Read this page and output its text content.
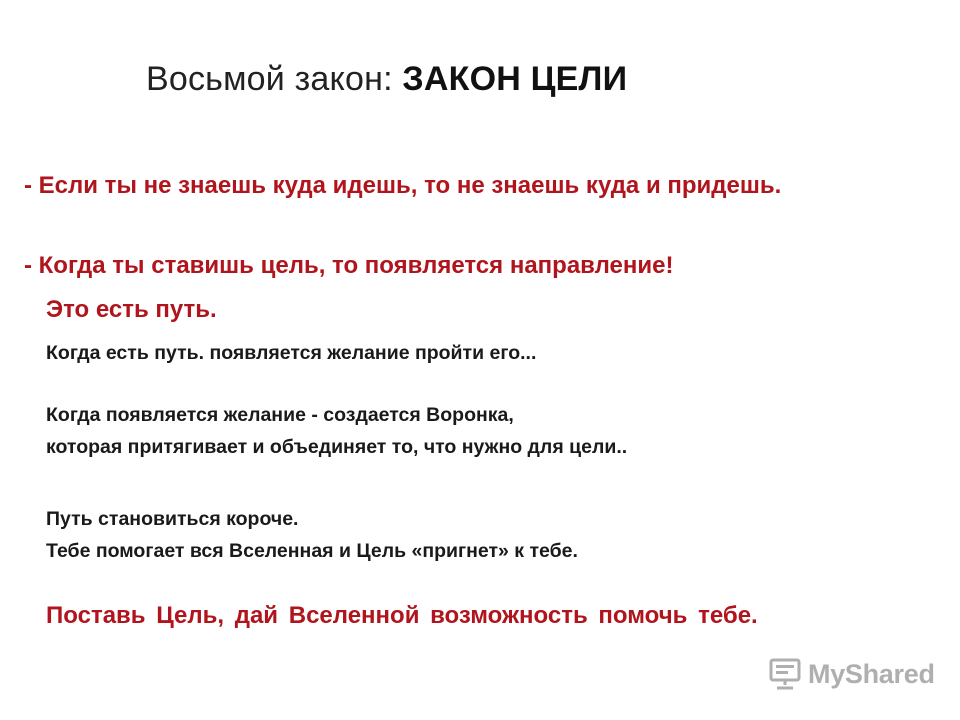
Восьмой закон: ЗАКОН ЦЕЛИ
- Если ты не знаешь куда идешь, то не знаешь куда и придешь.
- Когда ты ставишь цель, то появляется направление!
Это есть путь.
Когда есть путь. появляется желание пройти его...
Когда появляется желание - создается Воронка,
которая притягивает и объединяет то, что нужно для цели..
Путь становиться короче.
Тебе помогает вся Вселенная и Цель «пригнет» к тебе.
Поставь Цель, дай Вселенной возможность помочь тебе.
MyShared
